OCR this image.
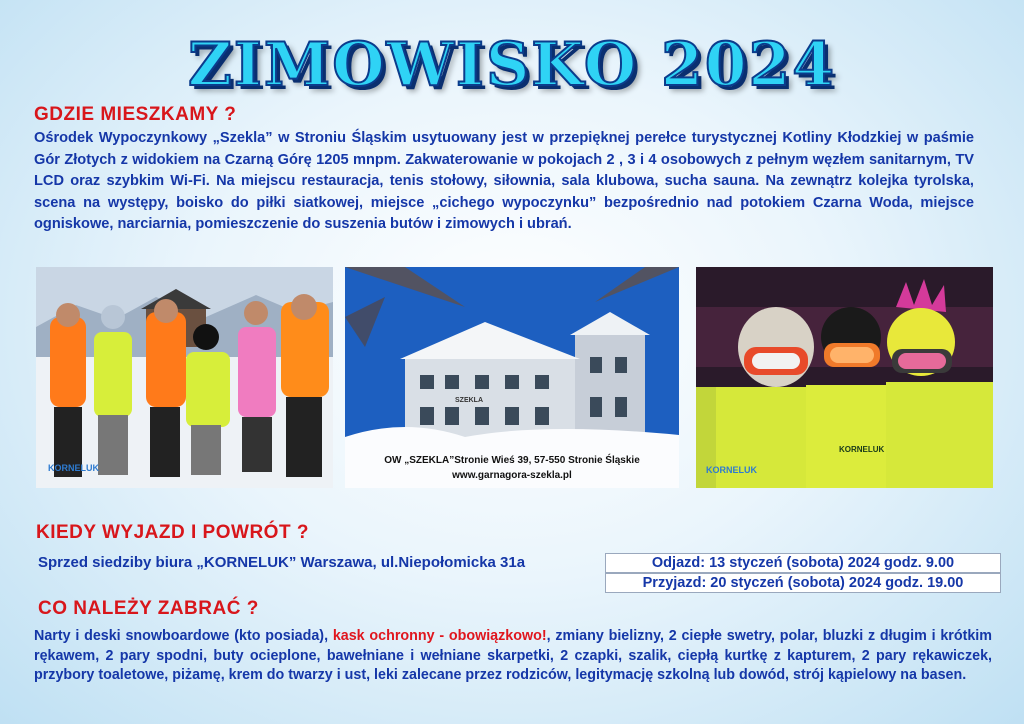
ZIMOWISKO 2024
GDZIE MIESZKAMY ?
Ośrodek Wypoczynkowy „Szekla” w Stroniu Śląskim usytuowany jest w przepięknej perełce turystycznej Kotliny Kłodzkiej w paśmie Gór Złotych z widokiem na Czarną Górę 1205 mnpm. Zakwaterowanie w pokojach 2 , 3 i 4 osobowych z pełnym węzłem sanitarnym, TV LCD oraz szybkim Wi-Fi. Na miejscu restauracja, tenis stołowy, siłownia, sala klubowa, sucha sauna. Na zewnątrz kolejka tyrolska, scena na występy, boisko do piłki siatkowej, miejsce „cichego wypoczynku” bezpośrednio nad potokiem Czarna Woda, miejsce ogniskowe, narciarnia, pomieszczenie do suszenia butów i zimowych i ubrań.
KORNELUK
SZEKLA
OW „SZEKLA”Stronie Wieś 39, 57-550 Stronie Śląskie
www.garnagora-szekla.pl
KORNELUK
KORNELUK
KIEDY WYJAZD I POWRÓT ?
Sprzed siedziby biura „KORNELUK” Warszawa, ul.Niepołomicka 31a	Odjazd: 13 styczeń (sobota) 2024 godz. 9.00
Przyjazd: 20 styczeń (sobota) 2024 godz. 19.00
CO NALEŻY ZABRAĆ ?
Narty i deski snowboardowe (kto posiada), kask ochronny - obowiązkowo!, zmiany bielizny, 2 ciepłe swetry, polar, bluzki z długim i krótkim rękawem, 2 pary spodni, buty ocieplone, bawełniane i wełniane skarpetki, 2 czapki, szalik, ciepłą kurtkę z kapturem, 2 pary rękawiczek, przybory toaletowe, piżamę, krem do twarzy i ust, leki zalecane przez rodziców, legitymację szkolną lub dowód, strój kąpielowy na basen.
